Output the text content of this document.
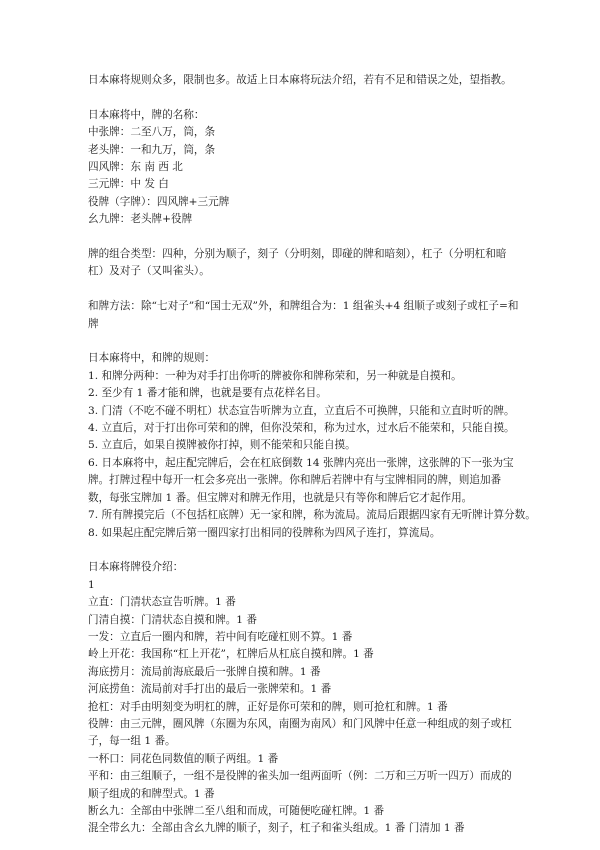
日本麻将规则众多，限制也多。故适上日本麻将玩法介绍，若有不足和错误之处，望指教。

日本麻将中，牌的名称：

中张牌：二至八万，筒，条

老头牌：一和九万，筒，条

四风牌：东 南 西 北

三元牌：中 发 白

役牌（字牌）：四风牌+三元牌

幺九牌：老头牌+役牌

牌的组合类型：四种，分别为顺子，刻子（分明刻，即碰的牌和暗刻），杠子（分明杠和暗杠）及对子（又叫雀头）。

和牌方法：除“七对子”和“国士无双”外，和牌组合为：1 组雀头+4 组顺子或刻子或杠子=和牌

日本麻将中，和牌的规则：

1. 和牌分两种：一种为对手打出你听的牌被你和牌称荣和，另一种就是自摸和。

2. 至少有 1 番才能和牌，也就是要有点花样名目。

3. 门清（不吃不碰不明杠）状态宣告听牌为立直，立直后不可换牌，只能和立直时听的牌。

4. 立直后，对于打出你可荣和的牌，但你没荣和，称为过水，过水后不能荣和，只能自摸。

5. 立直后，如果自摸牌被你打掉，则不能荣和只能自摸。

6. 日本麻将中，起庄配完牌后，会在杠底倒数 14 张牌内亮出一张牌，这张牌的下一张为宝牌。打牌过程中每开一杠会多亮出一张牌。你和牌后若牌中有与宝牌相同的牌，则追加番数，每张宝牌加 1 番。但宝牌对和牌无作用，也就是只有等你和牌后它才起作用。

7. 所有牌摸完后（不包括杠底牌）无一家和牌，称为流局。流局后跟据四家有无听牌计算分数。

8. 如果起庄配完牌后第一圈四家打出相同的役牌称为四风子连打，算流局。

日本麻将牌役介绍：

1

立直：门清状态宣告听牌。1 番

门清自摸：门清状态自摸和牌。1 番

一发：立直后一圈内和牌，若中间有吃碰杠则不算。1 番

岭上开花：我国称“杠上开花”，杠牌后从杠底自摸和牌。1 番

海底捞月：流局前海底最后一张牌自摸和牌。1 番

河底捞鱼：流局前对手打出的最后一张牌荣和。1 番

抢杠：对手由明刻变为明杠的牌，正好是你可荣和的牌，则可抢杠和牌。1 番

役牌：由三元牌，圈风牌（东圈为东风，南圈为南风）和门风牌中任意一种组成的刻子或杠子，每一组 1 番。

一杯口：同花色同数值的顺子两组。1 番

平和：由三组顺子，一组不是役牌的雀头加一组两面听（例：二万和三万听一四万）而成的顺子组成的和牌型式。1 番

断幺九：全部由中张牌二至八组和而成，可随便吃碰杠牌。1 番

混全带幺九：全部由含幺九牌的顺子，刻子，杠子和雀头组成。1 番 门清加 1 番
